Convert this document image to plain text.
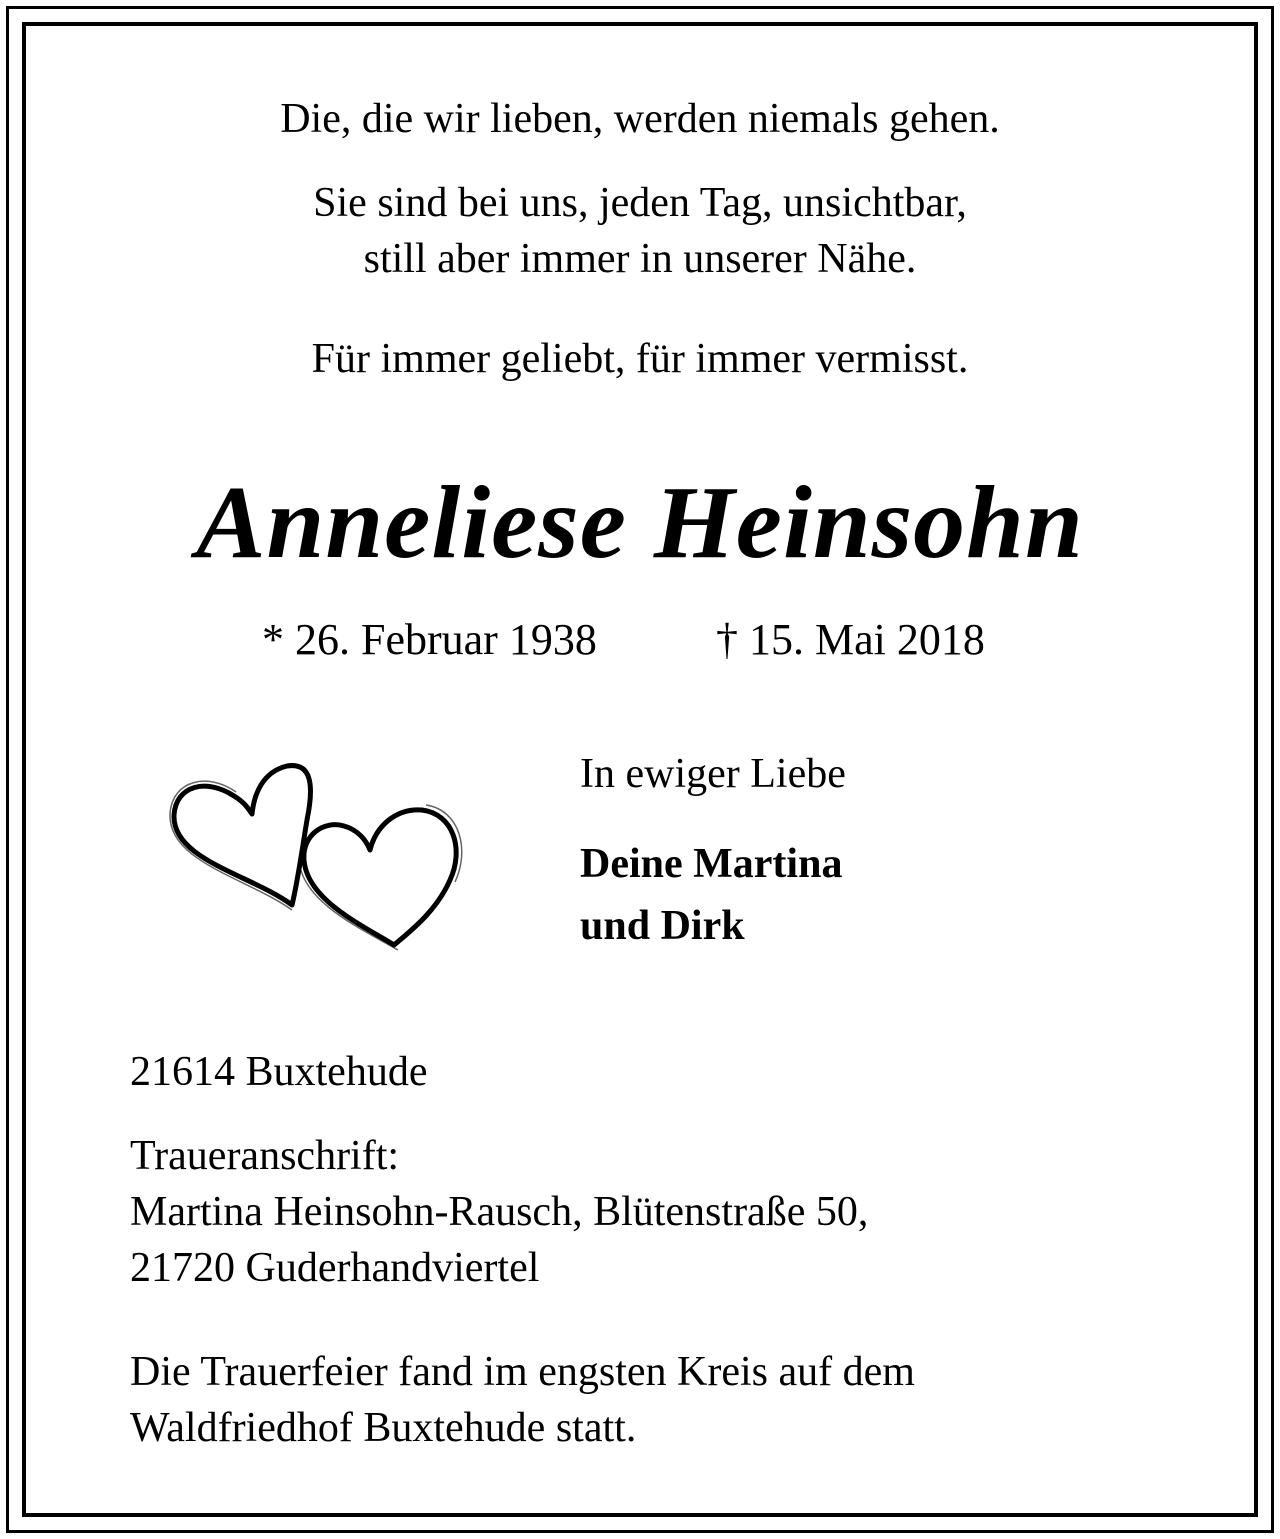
Die, die wir lieben, werden niemals gehen.

Sie sind bei uns, jeden Tag, unsichtbar,

still aber immer in unserer Nähe.

Für immer geliebt, für immer vermisst.

Anneliese Heinsohn

* 26. Februar 1938	† 15. Mai 2018

In ewiger Liebe

Deine Martina

und Dirk

21614 Buxtehude

Traueranschrift:

Martina Heinsohn-Rausch, Blütenstraße 50,

21720 Guderhandviertel

Die Trauerfeier fand im engsten Kreis auf dem

Waldfriedhof Buxtehude statt.
